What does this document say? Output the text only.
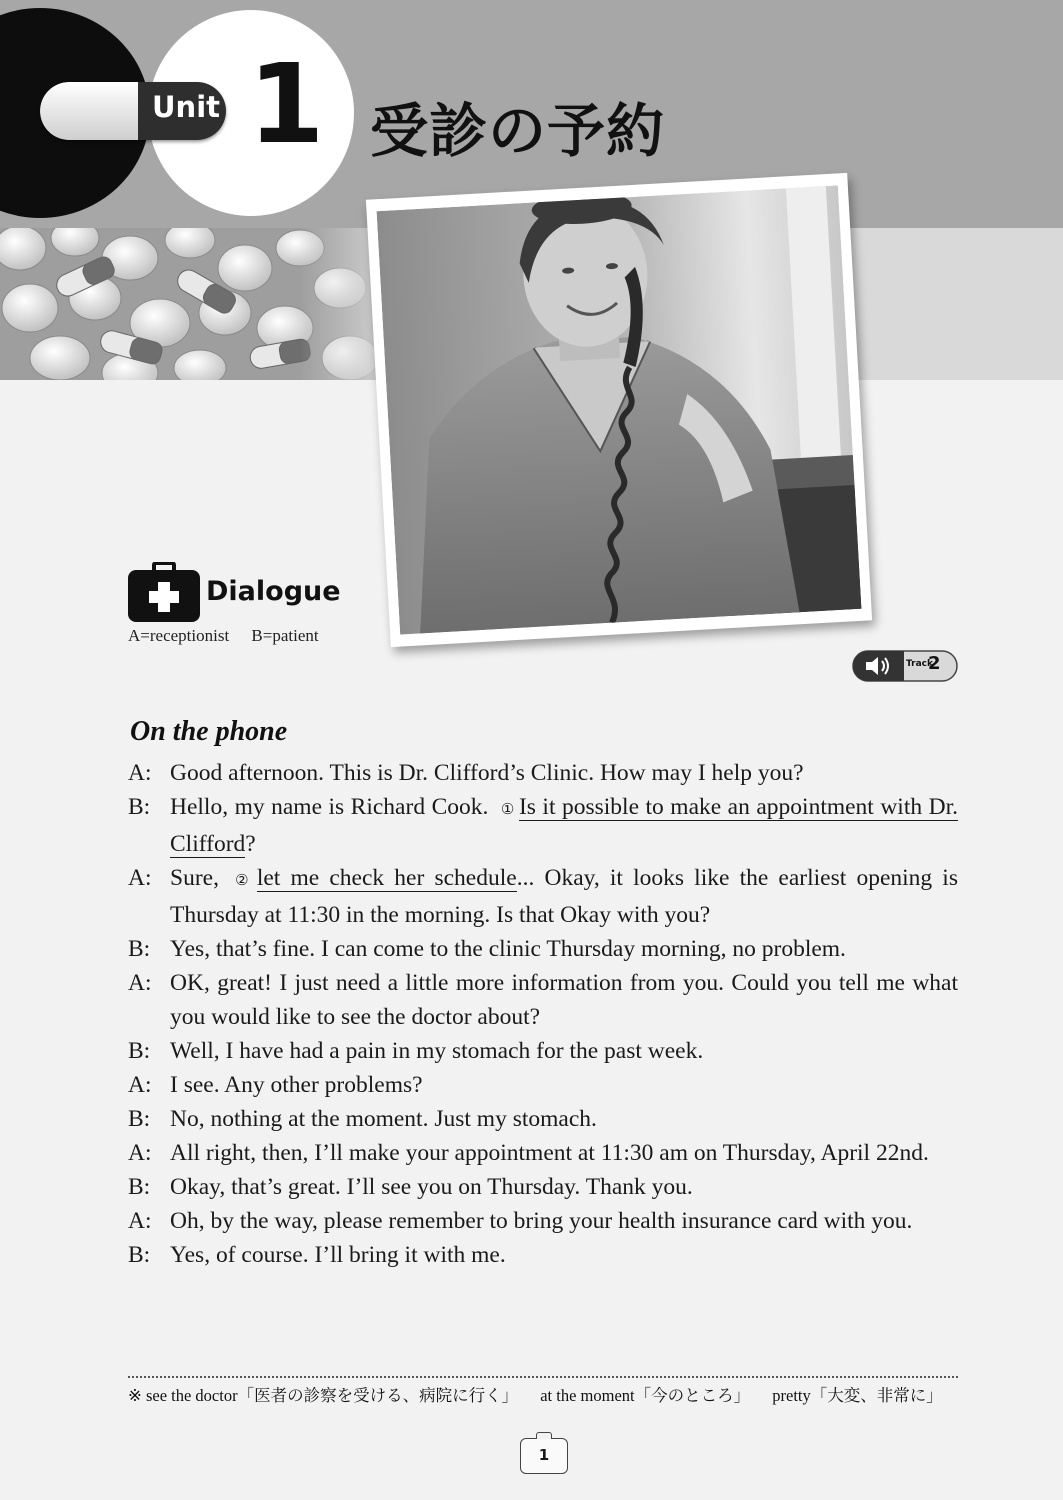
Unit 1 受診の予約
Dialogue
A=receptionist B=patient
Track
2
On the phone
A: Good afternoon. This is Dr. Clifford’s Clinic. How may I help you?
B: Hello, my name is Richard Cook. ① Is it possible to make an appointment with Dr. Clifford?
A: Sure, ② let me check her schedule... Okay, it looks like the earliest opening is Thursday at 11:30 in the morning. Is that Okay with you?
B: Yes, that’s fine. I can come to the clinic Thursday morning, no problem.
A: OK, great! I just need a little more information from you. Could you tell me what you would like to see the doctor about?
B: Well, I have had a pain in my stomach for the past week.
A: I see. Any other problems?
B: No, nothing at the moment. Just my stomach.
A: All right, then, I’ll make your appointment at 11:30 am on Thursday, April 22nd.
B: Okay, that’s great. I’ll see you on Thursday. Thank you.
A: Oh, by the way, please remember to bring your health insurance card with you.
B: Yes, of course. I’ll bring it with me.
※ see the doctor「医者の診察を受ける、病院に行く」 at the moment「今のところ」 pretty「大変、非常に」
1
